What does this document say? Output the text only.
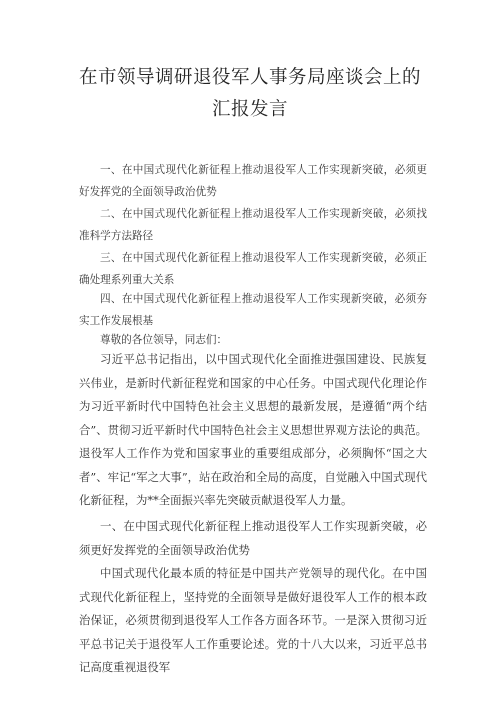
在市领导调研退役军人事务局座谈会上的
汇报发言

一、在中国式现代化新征程上推动退役军人工作实现新突破，必须更好发挥党的全面领导政治优势

二、在中国式现代化新征程上推动退役军人工作实现新突破，必须找准科学方法路径

三、在中国式现代化新征程上推动退役军人工作实现新突破，必须正确处理系列重大关系

四、在中国式现代化新征程上推动退役军人工作实现新突破，必须夯实工作发展根基

尊敬的各位领导，同志们：

习近平总书记指出，以中国式现代化全面推进强国建设、民族复兴伟业，是新时代新征程党和国家的中心任务。中国式现代化理论作为习近平新时代中国特色社会主义思想的最新发展，是遵循“两个结合”、贯彻习近平新时代中国特色社会主义思想世界观方法论的典范。退役军人工作作为党和国家事业的重要组成部分，必须胸怀“国之大者”、牢记“军之大事”，站在政治和全局的高度，自觉融入中国式现代化新征程，为**全面振兴率先突破贡献退役军人力量。

一、在中国式现代化新征程上推动退役军人工作实现新突破，必须更好发挥党的全面领导政治优势

中国式现代化最本质的特征是中国共产党领导的现代化。在中国式现代化新征程上，坚持党的全面领导是做好退役军人工作的根本政治保证，必须贯彻到退役军人工作各方面各环节。一是深入贯彻习近平总书记关于退役军人工作重要论述。党的十八大以来，习近平总书记高度重视退役军
